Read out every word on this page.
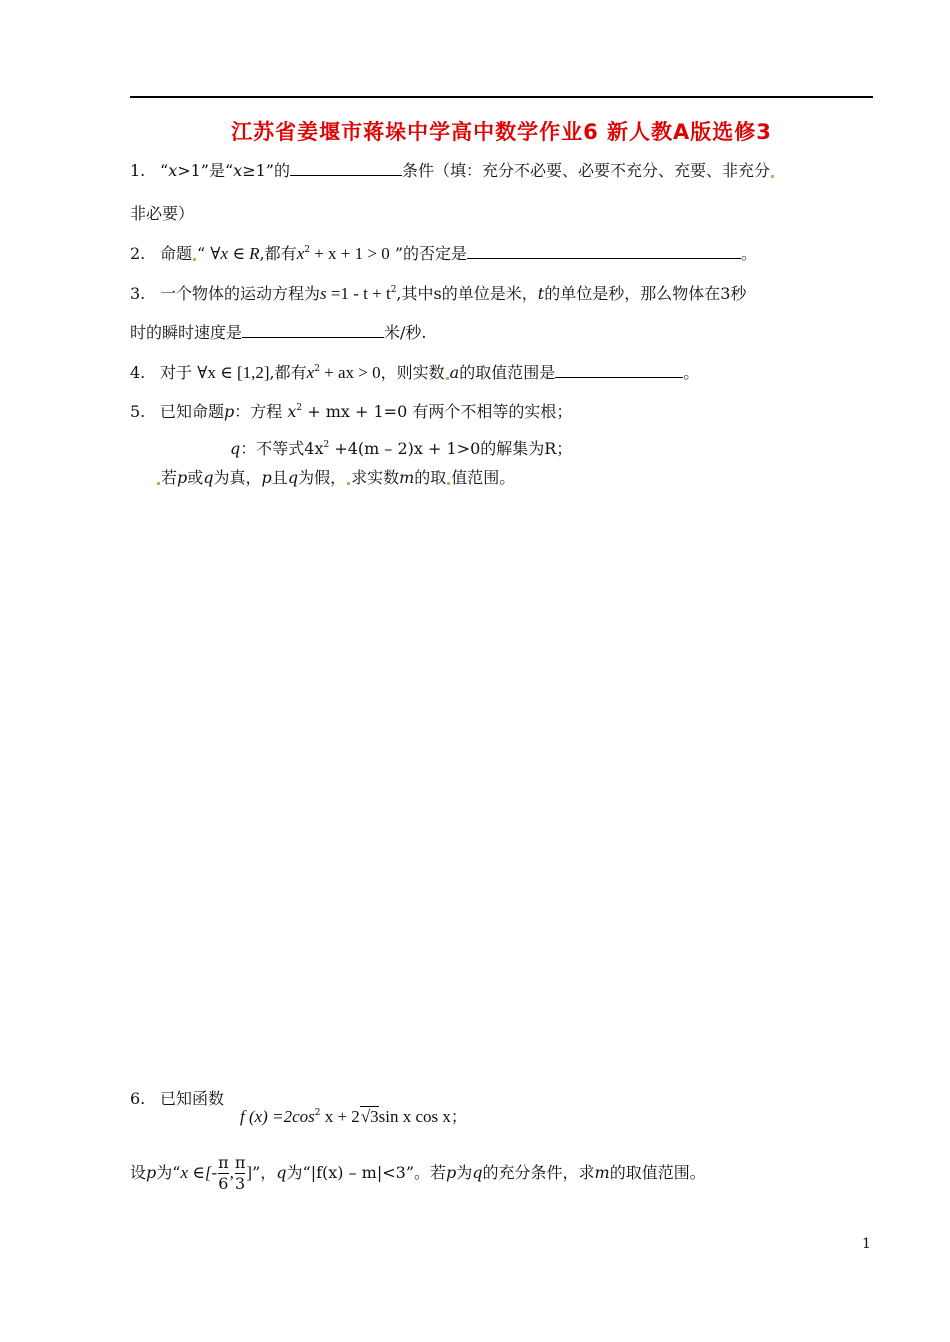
江苏省姜堰市蒋垛中学高中数学作业6 新人教A版选修3
1. “x>1”是“x≥1”的	条件（填：充分不必要、必要不充分、充要、非充分
非必要）
2. 命题 “ ∀x ∈ R,都有$x^2 + x + 1 > 0$ ”的否定是	。
3. 一个物体的运动方程为$s =1 - t + t^2$,其中s的单位是米，t的单位是秒，那么物体在3秒
时的瞬时速度是	米/秒.
4. 对于 ∀x ∈ [1,2],都有$x^2$ + ax > 0，则实数 a的取值范围是	。
5. 已知命题p：方程 $x^2$ + mx + 1=0 有两个不相等的实根；
q：不等式$4x^2 +4(m - 2)x + 1>0$的解集为R；
若p或q为真，p且q为假， 求实数m的取 值范围。
6. 已知函数
f $(x) =2\cos^2$ x + 2√3sin x cos x；
设p为“x ∈[- $\frac{\pi}{6}$ , $\frac{\pi}{3}$ ]”，q为“|f(x) – m|<3”。若p为q的充分条件，求m的取值范围。
1
